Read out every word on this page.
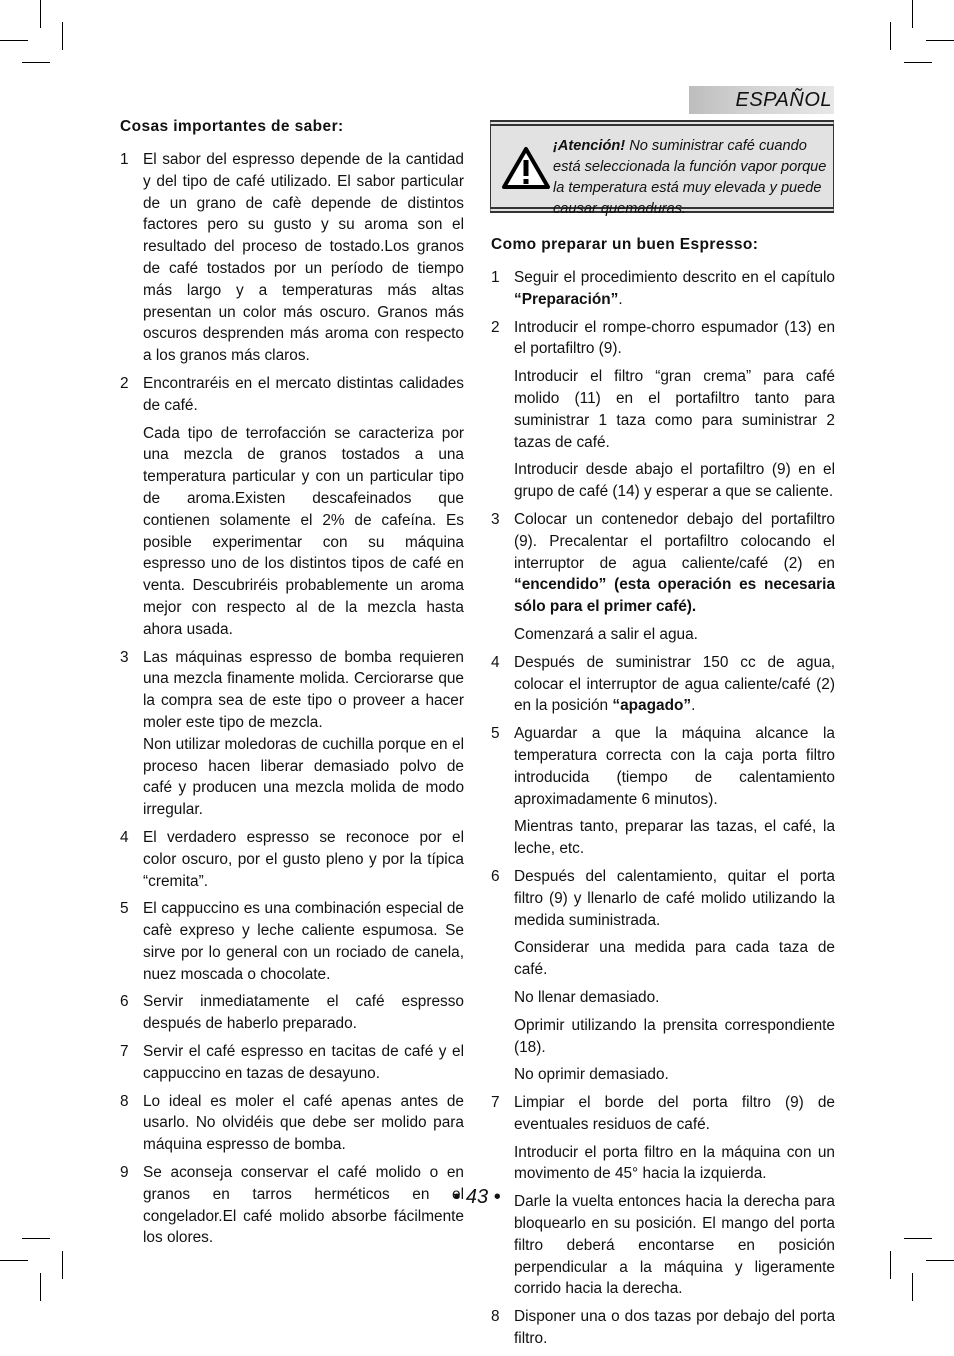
ESPAÑOL
Cosas importantes de saber:
1 El sabor del espresso depende de la cantidad y del tipo de café utilizado. El sabor particular de un grano de cafè depende de distintos factores pero su gusto y su aroma son el resultado del proceso de tostado.Los granos de café tostados por un período de tiempo más largo y a temperaturas más altas presentan un color más oscuro. Granos más oscuros desprenden más aroma con respecto a los granos más claros.
2 Encontraréis en el mercato distintas calidades de café.
Cada tipo de terrofacción se caracteriza por una mezcla de granos tostados a una temperatura particular y con un particular tipo de aroma.Existen descafeinados que contienen solamente el 2% de cafeína. Es posible experimentar con su máquina espresso uno de los distintos tipos de café en venta. Descubriréis probablemente un aroma mejor con respecto al de la mezcla hasta ahora usada.
3 Las máquinas espresso de bomba requieren una mezcla finamente molida. Cerciorarse que la compra sea de este tipo o proveer a hacer moler este tipo de mezcla.
Non utilizar moledoras de cuchilla porque en el proceso hacen liberar demasiado polvo de café y producen una mezcla molida de modo irregular.
4 El verdadero espresso se reconoce por el color oscuro, por el gusto pleno y por la típica “cremita”.
5 El cappuccino es una combinación especial de cafè expreso y leche caliente espumosa. Se sirve por lo general con un rociado de canela, nuez moscada o chocolate.
6 Servir inmediatamente el café espresso después de haberlo preparado.
7 Servir el café espresso en tacitas de café y el cappuccino en tazas de desayuno.
8 Lo ideal es moler el café apenas antes de usarlo. No olvidéis que debe ser molido para máquina espresso de bomba.
9 Se aconseja conservar el café molido o en granos en tarros herméticos en el congelador.El café molido absorbe fácilmente los olores.
¡Atención! No suministrar café cuando está seleccionada la función vapor porque la temperatura está muy elevada y puede causar quemaduras.
Como preparar un buen Espresso:
1 Seguir el procedimiento descrito en el capítulo “Preparación”.
2 Introducir el rompe-chorro espumador (13) en el portafiltro (9).
Introducir el filtro “gran crema” para café molido (11) en el portafiltro tanto para suministrar 1 taza como para suministrar 2 tazas de café.
Introducir desde abajo el portafiltro (9) en el grupo de café (14) y esperar a que se caliente.
3 Colocar un contenedor debajo del portafiltro (9). Precalentar el portafiltro colocando el interruptor de agua caliente/café (2) en “encendido” (esta operación es necesaria sólo para el primer café).
Comenzará a salir el agua.
4 Después de suministrar 150 cc de agua, colocar el interruptor de agua caliente/café (2) en la posición “apagado”.
5 Aguardar a que la máquina alcance la temperatura correcta con la caja porta filtro introducida (tiempo de calentamiento aproximadamente 6 minutos).
Mientras tanto, preparar las tazas, el café, la leche, etc.
6 Después del calentamiento, quitar el porta filtro (9) y llenarlo de café molido utilizando la medida suministrada.
Considerar una medida para cada taza de café.
No llenar demasiado.
Oprimir utilizando la prensita correspondiente (18).
No oprimir demasiado.
7 Limpiar el borde del porta filtro (9) de eventuales residuos de café.
Introducir el porta filtro en la máquina con un movimento de 45° hacia la izquierda.
Darle la vuelta entonces hacia la derecha para bloquearlo en su posición. El mango del porta filtro deberá encontarse en posición perpendicular a la máquina y ligeramente corrido hacia la derecha.
8 Disponer una o dos tazas por debajo del porta filtro.
• 43 •
